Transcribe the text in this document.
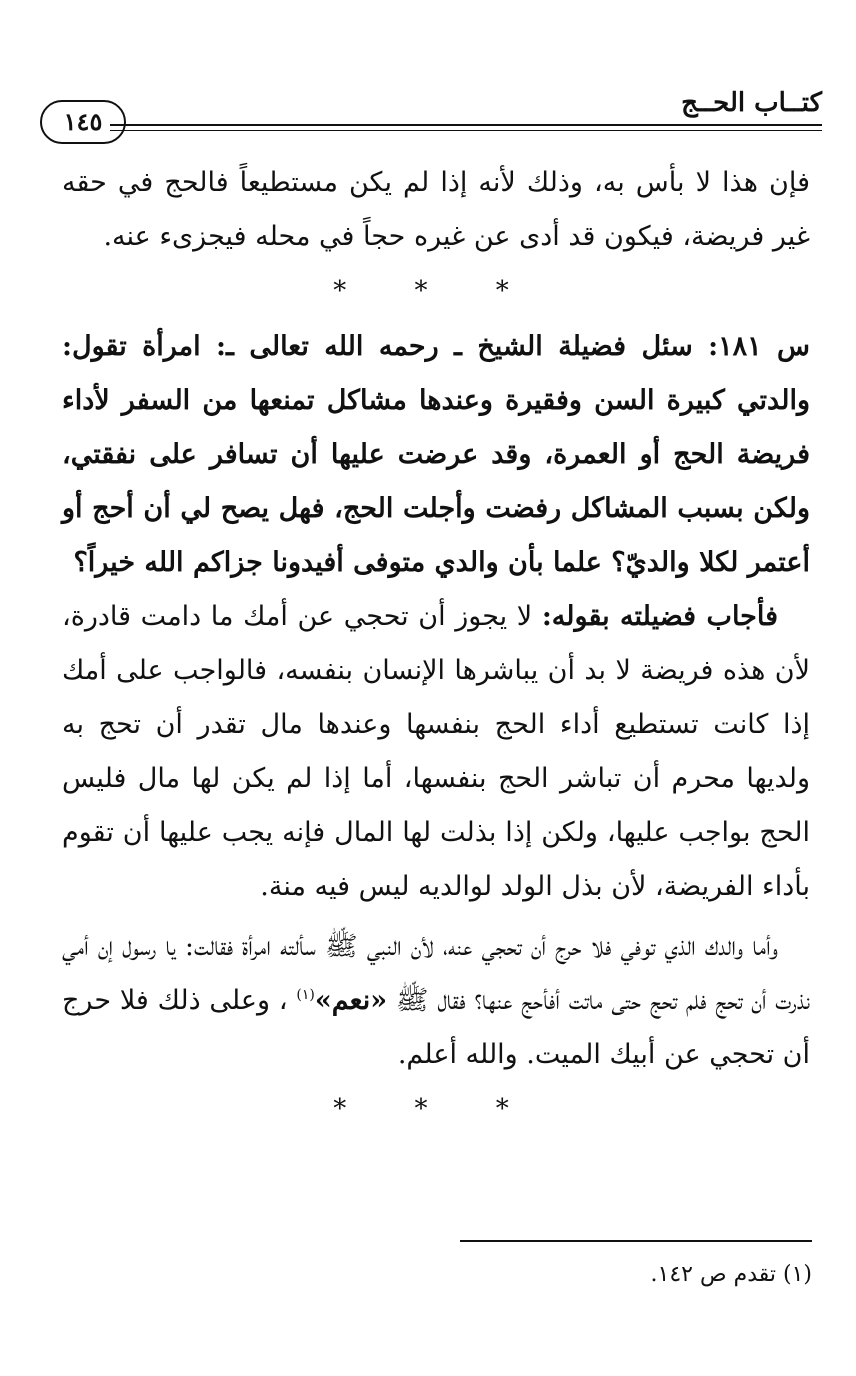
كتــاب الحــج
١٤٥

فإن هذا لا بأس به، وذلك لأنه إذا لم يكن مستطيعاً فالحج في حقه غير فريضة، فيكون قد أدى عن غيره حجاً في محله فيجزىء عنه.

* * *

س ١٨١: سئل فضيلة الشيخ ـ رحمه الله تعالى ـ: امرأة تقول: والدتي كبيرة السن وفقيرة وعندها مشاكل تمنعها من السفر لأداء فريضة الحج أو العمرة، وقد عرضت عليها أن تسافر على نفقتي، ولكن بسبب المشاكل رفضت وأجلت الحج، فهل يصح لي أن أحج أو أعتمر لكلا والديّ؟ علما بأن والدي متوفى أفيدونا جزاكم الله خيراً؟

فأجاب فضيلته بقوله: لا يجوز أن تحجي عن أمك ما دامت قادرة، لأن هذه فريضة لا بد أن يباشرها الإنسان بنفسه، فالواجب على أمك إذا كانت تستطيع أداء الحج بنفسها وعندها مال تقدر أن تحج به ولديها محرم أن تباشر الحج بنفسها، أما إذا لم يكن لها مال فليس الحج بواجب عليها، ولكن إذا بذلت لها المال فإنه يجب عليها أن تقوم بأداء الفريضة، لأن بذل الولد لوالديه ليس فيه منة.

وأما والدك الذي توفي فلا حرج أن تحجي عنه، لأن النبي ﷺ سألته امرأة فقالت: يا رسول إن أمي نذرت أن تحج فلم تحج حتى ماتت أفأحج عنها؟ فقال ﷺ «نعم»$^{(١)}$ ، وعلى ذلك فلا حرج أن تحجي عن أبيك الميت. والله أعلم.

* * *
(١) تقدم ص ١٤٢.
